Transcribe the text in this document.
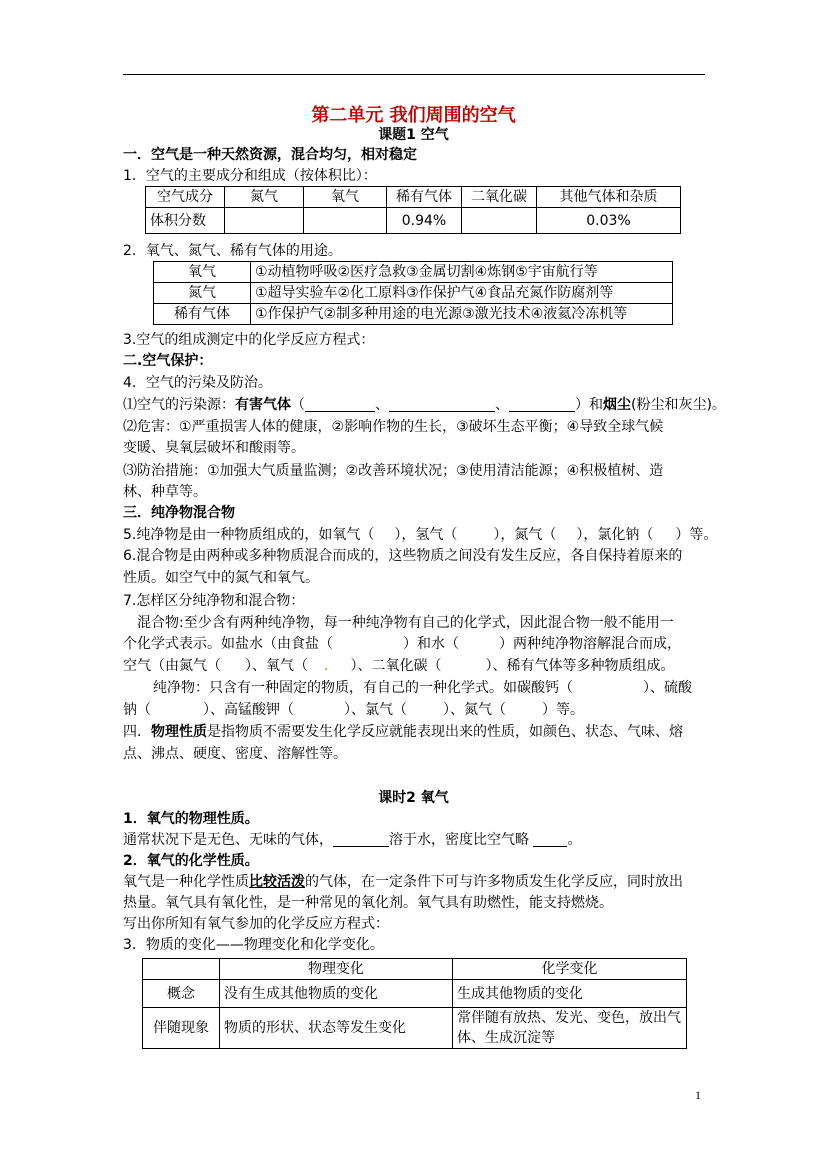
第二单元 我们周围的空气
课题1 空气
一．空气是一种天然资源，混合均匀，相对稳定
1．空气的主要成分和组成（按体积比）：
空气成分	氮气	氧气	稀有气体	二氧化碳	其他气体和杂质
体积分数			0.94%		0.03%
2．氧气、氮气、稀有气体的用途。
氧气	①动植物呼吸②医疗急救③金属切割④炼钢⑤宇宙航行等
氮气	①超导实验车②化工原料③作保护气④食品充氮作防腐剂等
稀有气体	①作保护气②制多种用途的电光源③激光技术④液氦冷冻机等
3.空气的组成测定中的化学反应方程式：
二.空气保护：
4．空气的污染及防治。
⑴空气的污染源：有害气体（	、	、	）和烟尘(粉尘和灰尘)。
⑵危害：①严重损害人体的健康，②影响作物的生长，③破坏生态平衡；④导致全球气候
变暖、臭氧层破坏和酸雨等。
⑶防治措施：①加强大气质量监测；②改善环境状况；③使用清洁能源；④积极植树、造
林、种草等。
三．纯净物混合物
5.纯净物是由一种物质组成的，如氧气（ ），氢气（	），氮气（ ），氯化钠（ ）等。
6.混合物是由两种或多种物质混合而成的，这些物质之间没有发生反应，各自保持着原来的
性质。如空气中的氮气和氧气。
7.怎样区分纯净物和混合物：
混合物:至少含有两种纯净物，每一种纯净物有自己的化学式，因此混合物一般不能用一
个化学式表示。如盐水（由食盐（	）和水（	）两种纯净物溶解混合而成，
空气（由氮气（ ）、氧气（ . ）、二氧化碳（	）、稀有气体等多种物质组成。
纯净物：只含有一种固定的物质，有自己的一种化学式。如碳酸钙（	）、硫酸
钠（	）、高锰酸钾（	）、氯气（	）、氮气（	）等。
四．物理性质是指物质不需要发生化学反应就能表现出来的性质，如颜色、状态、气味、熔
点、沸点、硬度、密度、溶解性等。
课时2 氧气
1．氧气的物理性质。
通常状况下是无色、无味的气体，	溶于水，密度比空气略	。
2．氧气的化学性质。
氧气是一种化学性质比较活泼的气体，在一定条件下可与许多物质发生化学反应，同时放出
热量。氧气具有氧化性，是一种常见的氧化剂。氧气具有助燃性，能支持燃烧。
写出你所知有氧气参加的化学反应方程式：
3．物质的变化——物理变化和化学变化。
	物理变化	化学变化
概念	没有生成其他物质的变化	生成其他物质的变化
伴随现象	物质的形状、状态等发生变化	常伴随有放热、发光、变色，放出气体、生成沉淀等
1
